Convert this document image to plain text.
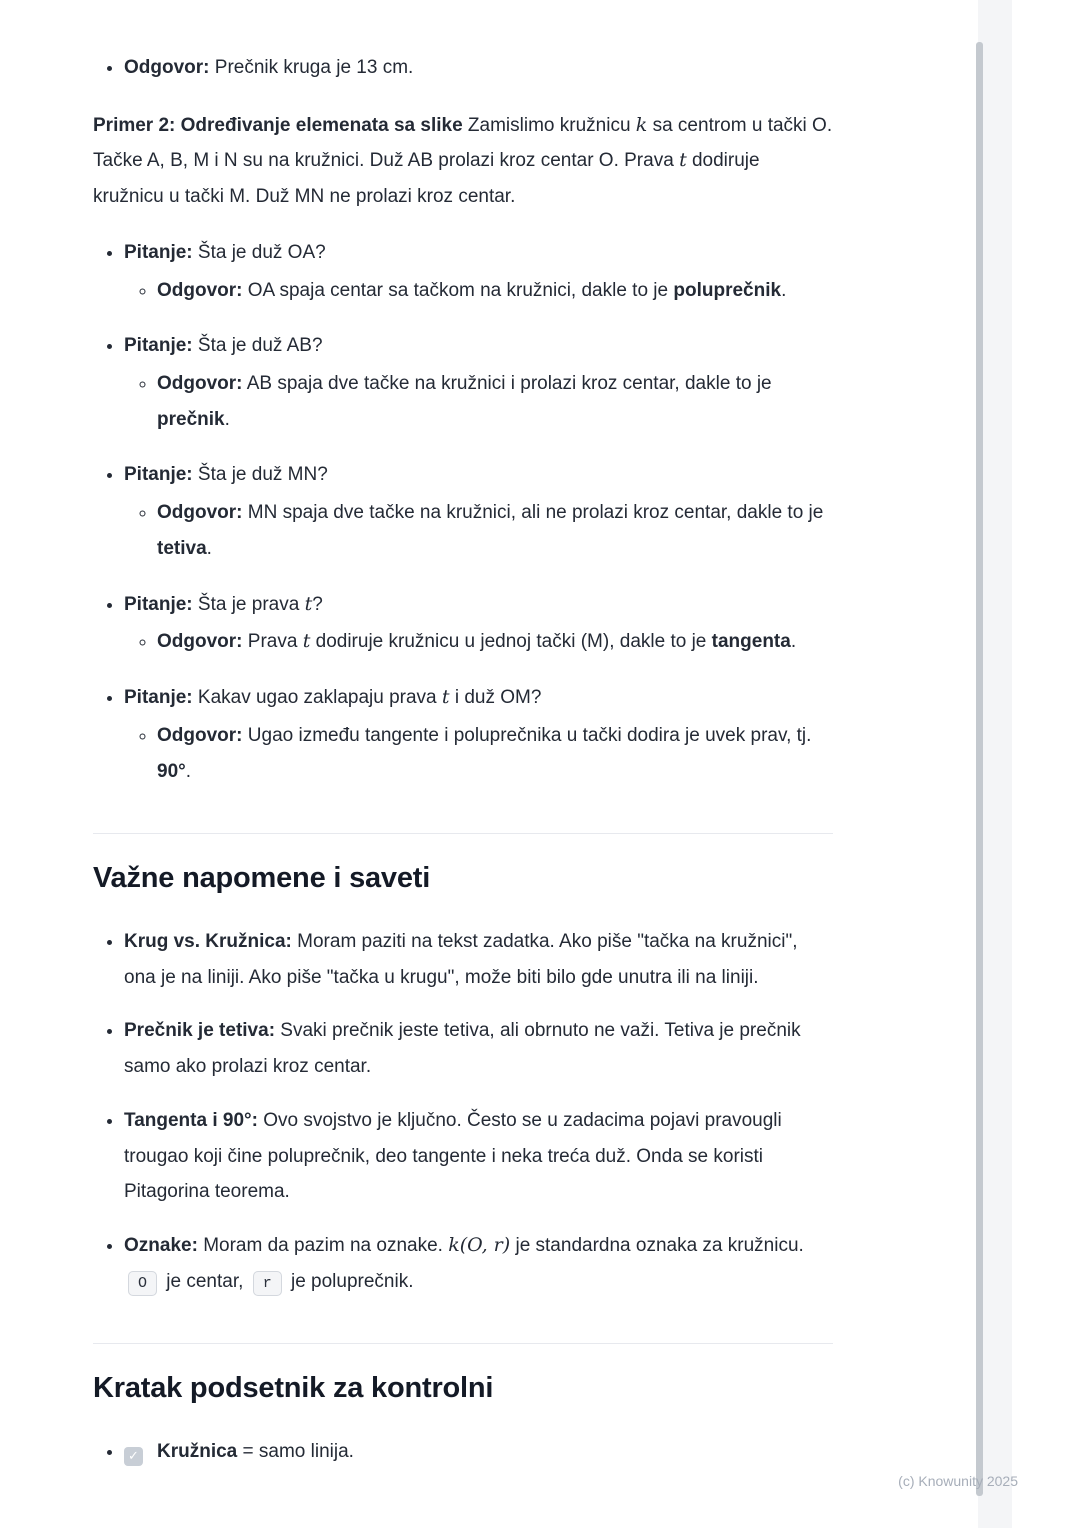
• Odgovor: Prečnik kruga je 13 cm.

Primer 2: Određivanje elemenata sa slike Zamislimo kružnicu k sa centrom u tački O. Tačke A, B, M i N su na kružnici. Duž AB prolazi kroz centar O. Prava t dodiruje kružnicu u tački M. Duž MN ne prolazi kroz centar.

• Pitanje: Šta je duž OA?
◦ Odgovor: OA spaja centar sa tačkom na kružnici, dakle to je poluprečnik.
• Pitanje: Šta je duž AB?
◦ Odgovor: AB spaja dve tačke na kružnici i prolazi kroz centar, dakle to je prečnik.
• Pitanje: Šta je duž MN?
◦ Odgovor: MN spaja dve tačke na kružnici, ali ne prolazi kroz centar, dakle to je tetiva.
• Pitanje: Šta je prava t?
◦ Odgovor: Prava t dodiruje kružnicu u jednoj tački (M), dakle to je tangenta.
• Pitanje: Kakav ugao zaklapaju prava t i duž OM?
◦ Odgovor: Ugao između tangente i poluprečnika u tački dodira je uvek prav, tj. 90°.
Važne napomene i saveti
• Krug vs. Kružnica: Moram paziti na tekst zadatka. Ako piše "tačka na kružnici", ona je na liniji. Ako piše "tačka u krugu", može biti bilo gde unutra ili na liniji.
• Prečnik je tetiva: Svaki prečnik jeste tetiva, ali obrnuto ne važi. Tetiva je prečnik samo ako prolazi kroz centar.
• Tangenta i 90°: Ovo svojstvo je ključno. Često se u zadacima pojavi pravougli trougao koji čine poluprečnik, deo tangente i neka treća duž. Onda se koristi Pitagorina teorema.
• Oznake: Moram da pazim na oznake. k(O, r) je standardna oznaka za kružnicu. O je centar, r je poluprečnik.
Kratak podsetnik za kontrolni
• ✓ Kružnica = samo linija.
(c) Knowunity 2025
